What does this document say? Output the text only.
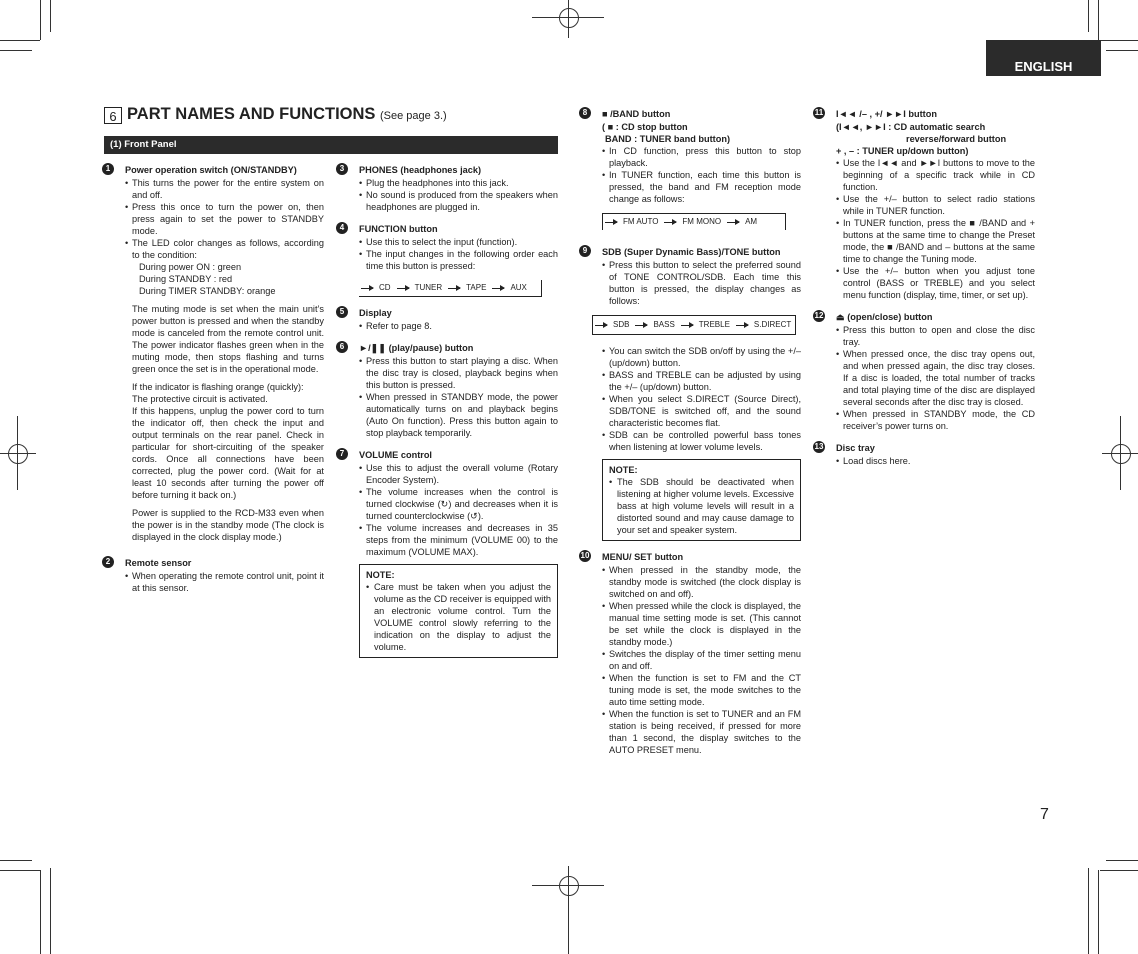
ENGLISH
6 PART NAMES AND FUNCTIONS (See page 3.)
(1) Front Panel
1	Power operation switch (ON/STANDBY)
• This turns the power for the entire system on and off.
• Press this once to turn the power on, then press again to set the power to STANDBY mode.
• The LED color changes as follows, according to the condition:
During power ON : green
During STANDBY : red
During TIMER STANDBY: orange
The muting mode is set when the main unit’s power button is pressed and when the standby mode is canceled from the remote control unit. The power indicator flashes green when in the muting mode, then stops flashing and turns green once the set is in the operational mode.
If the indicator is flashing orange (quickly):
The protective circuit is activated.
If this happens, unplug the power cord to turn the indicator off, then check the input and output terminals on the rear panel. Check in particular for short-circuiting of the speaker cords. Once all connections have been corrected, plug the power cord. (Wait for at least 10 seconds after turning the power off before turning it back on.)
Power is supplied to the RCD-M33 even when the power is in the standby mode (The clock is displayed in the clock display mode.)
2	Remote sensor
• When operating the remote control unit, point it at this sensor.
3	PHONES (headphones jack)
• Plug the headphones into this jack.
• No sound is produced from the speakers when headphones are plugged in.
4	FUNCTION button
• Use this to select the input (function).
• The input changes in the following order each time this button is pressed:
CD	TUNER	TAPE	AUX
5	Display
• Refer to page 8.
6	►/❚❚ (play/pause) button
• Press this button to start playing a disc. When the disc tray is closed, playback begins when this button is pressed.
• When pressed in STANDBY mode, the power automatically turns on and playback begins (Auto On function). Press this button again to stop playback temporarily.
7	VOLUME control
• Use this to adjust the overall volume (Rotary Encoder System).
• The volume increases when the control is turned clockwise (↻) and decreases when it is turned counterclockwise (↺).
• The volume increases and decreases in 35 steps from the minimum (VOLUME 00) to the maximum (VOLUME MAX).
NOTE:
• Care must be taken when you adjust the volume as the CD receiver is equipped with an electronic volume control. Turn the VOLUME control slowly referring to the indication on the display to adjust the volume.
8	■ /BAND button
( ■ : CD stop button
BAND : TUNER band button)
• In CD function, press this button to stop playback.
• In TUNER function, each time this button is pressed, the band and FM reception mode change as follows:
FM AUTO	FM MONO	AM
9	SDB (Super Dynamic Bass)/TONE button
• Press this button to select the preferred sound of TONE CONTROL/SDB. Each time this button is pressed, the display changes as follows:
SDB	BASS	TREBLE	S.DIRECT
• You can switch the SDB on/off by using the +/– (up/down) button.
• BASS and TREBLE can be adjusted by using the +/– (up/down) button.
• When you select S.DIRECT (Source Direct), SDB/TONE is switched off, and the sound characteristic becomes flat.
• SDB can be controlled powerful bass tones when listening at lower volume levels.
NOTE:
• The SDB should be deactivated when listening at higher volume levels. Excessive bass at high volume levels will result in a distorted sound and may cause damage to your set and speaker system.
10 MENU/ SET button
• When pressed in the standby mode, the standby mode is switched (the clock display is switched on and off).
• When pressed while the clock is displayed, the manual time setting mode is set. (This cannot be set while the clock is displayed in the standby mode.)
• Switches the display of the timer setting menu on and off.
• When the function is set to FM and the CT tuning mode is set, the mode switches to the auto time setting mode.
• When the function is set to TUNER and an FM station is being received, if pressed for more than 1 second, the display switches to the AUTO PRESET menu.
11 I◄◄ /– , +/ ►►I button
(I◄◄, ►►I : CD automatic search
reverse/forward button
+ , – : TUNER up/down button)
• Use the I◄◄ and ►►I buttons to move to the beginning of a specific track while in CD function.
• Use the +/– button to select radio stations while in TUNER function.
• In TUNER function, press the ■ /BAND and + buttons at the same time to change the Preset mode, the ■ /BAND and – buttons at the same time to change the Tuning mode.
• Use the +/– button when you adjust tone control (BASS or TREBLE) and you select menu function (display, time, timer, or set up).
12 ⏏ (open/close) button
• Press this button to open and close the disc tray.
• When pressed once, the disc tray opens out, and when pressed again, the disc tray closes. If a disc is loaded, the total number of tracks and total playing time of the disc are displayed several seconds after the disc tray is closed.
• When pressed in STANDBY mode, the CD receiver’s power turns on.
13 Disc tray
• Load discs here.
7
